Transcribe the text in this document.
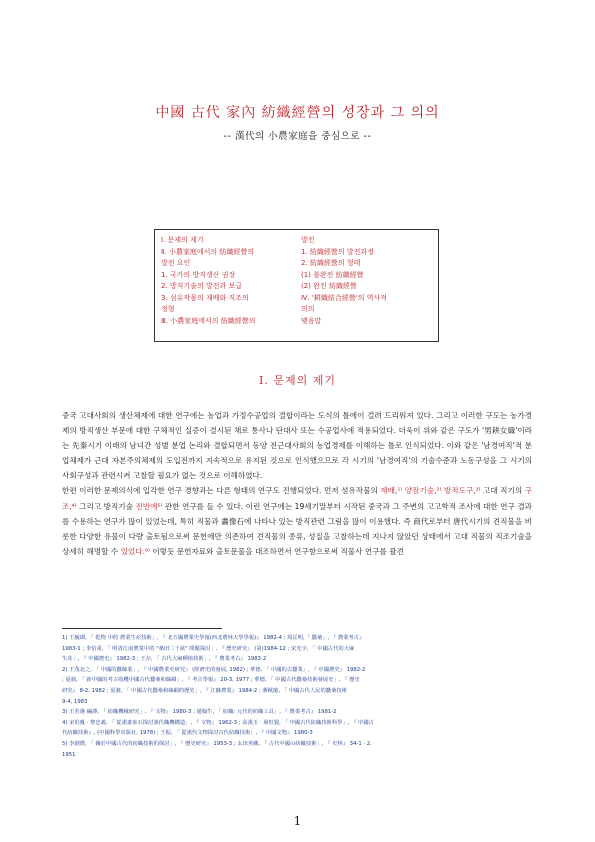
中國 古代 家內 紡織經營의 성장과 그 의의
-- 漢代의 小農家庭을 중심으로 --
Ⅰ. 문제의 제기
Ⅱ. 小農家庭에서의 紡織經營의
발전 요인
1. 국가의 방직생산 권장
2. 방직기술의 발전과 보급
3. 섬유작물의 재배와 직조의
정형
Ⅲ. 小農家庭에서의 紡織經營의
발전
1. 紡織經營의 발전과정
2. 紡織經營의 형태
(1) 불완전 紡織經營
(2) 완전 紡織經營
Ⅳ. '耕織結合經營'의 역사적
의의
맺음말
Ⅰ. 문제의 제기

중국 고대사회의 생산체제에 대한 연구에는 농업과 가정수공업의 결합이라는 도식의 틀에이 걸려 드리워져 있다. 그리고 이러한 구도는 농가경제의 방직생산 부문에 대한 구체적인 실증이 결시된 채로 통사나 단대사 또는 수공업사에 적용되었다. 더욱이 위와 같은 구도가 '男耕女織'이라는 先秦시기 이래의 남녀간 성별 분업 논리와 결합되면서 동양 전근대사회의 농업경제를 이해하는 틀로 인식되었다. 이와 같은 '남경여직'적 분업체제가 근대 자본주의체제의 도입전까지 지속적으로 유지된 것으로 인식했으므로 각 시기의 '남경여직'의 기술수준과 노동구성을 그 시기의 사회구성과 관련시켜 고찰할 필요가 없는 것으로 이해하였다.

한편 이러한 문제의식에 입각한 연구 경향과는 다른 형태의 연구도 진행되었다. 먼저 섬유작물의 재배,¹⁾ 양잠기술,²⁾ 방적도구,³⁾ 고대 직기의 구조,⁴⁾ 그리고 방직기술 전반에⁵⁾ 관한 연구를 들 수 있다. 이런 연구에는 19세기말부터 시작된 중국과 그 주변의 고고학적 조사에 대한 연구 결과를 수용하는 연구가 많이 있었는데, 특히 직물과 畵像石에 나타나 있는 방직관련 그림을 많이 이용했다. 즉 商代로부터 唐代시기의 견직물을 비롯한 다양한 유물이 다량 출토됨으로써 문헌에만 의존하여 견직물의 종류, 성질을 고찰하는데 지나지 않았던 상태에서 고대 직물의 직조기술을 상세히 해명할 수 있었다.⁶⁾ 이렇듯 문헌자료와 출토문물을 대조하면서 연구함으로써 직물사 연구를 괄견

1) 王毓瑚, 「 乾物 中的 農業生産技術」, 『 北方國農業史學報(西北農林大學學報)』 1982-4 ; 周匡明,「 蠶桑」, 『 農業考古』
1983-1 ; 李伯重, 「 明清江南農業中的 "桑田二十畝" 問題探討」, 『 歷史研究』 (第)1984-12 ; 宋光宇, 「 中國古代的大麻
生産」, 『 中國農史』 1982-3 ; 王存, 「 古代大麻種植技術」, 『 農業考古』 1983-2
2) 王茂北之, 「 中國的蠶絲業」, 『 中國農業史研究』 (經濟史的發展, 1982) ; 華德, 「 中國的古蠶業」, 『 中國農史』 1982-2
; 夏鼐, 「 新中國的考古收穫中國古代蠶桑和絲綢」, 『 考古學報』 20-3, 1977 ; 華德, 「 中國古代蠶桑技術發展史」, 『 歷史
研究』 8-2, 1982 ; 夏鼐, 「 中國古代蠶桑和絲綢的歷史」, 『 江蘇農業』 1984-2 ; 蔣猷龍, 「 中國古代人民的蠶桑技術
9-4, 1983
3) 王若愚 編譯, 「 紡織機械研究」, 『 文物』 1980-3 ; 趙翰生, 「 紡織: 元代的紡織工具」, 『 農業考古』 1981-2
4) 宋伯胤 · 黎忠義, 「 從漢畫象石探討漢代織機構造」, 『 文物』 1962-3 ; 高漢玉 · 屠恒賢, 「 中國古代紡織技術科學」, 『 中國古
代紡織技術』, (中國科學出版社, 1978) ; 王振, 「 從漢代文物探討古代紡織技術」, 『 中國文物』 1980-3
5) 李劍農, 「 關於中國古代的紡織技術的探討」, 『 歷史研究』 1953-3 ; 太田英藏, 「 古代中國の紡織技術」, 『 史林』 34-1 · 2,
1951
1
